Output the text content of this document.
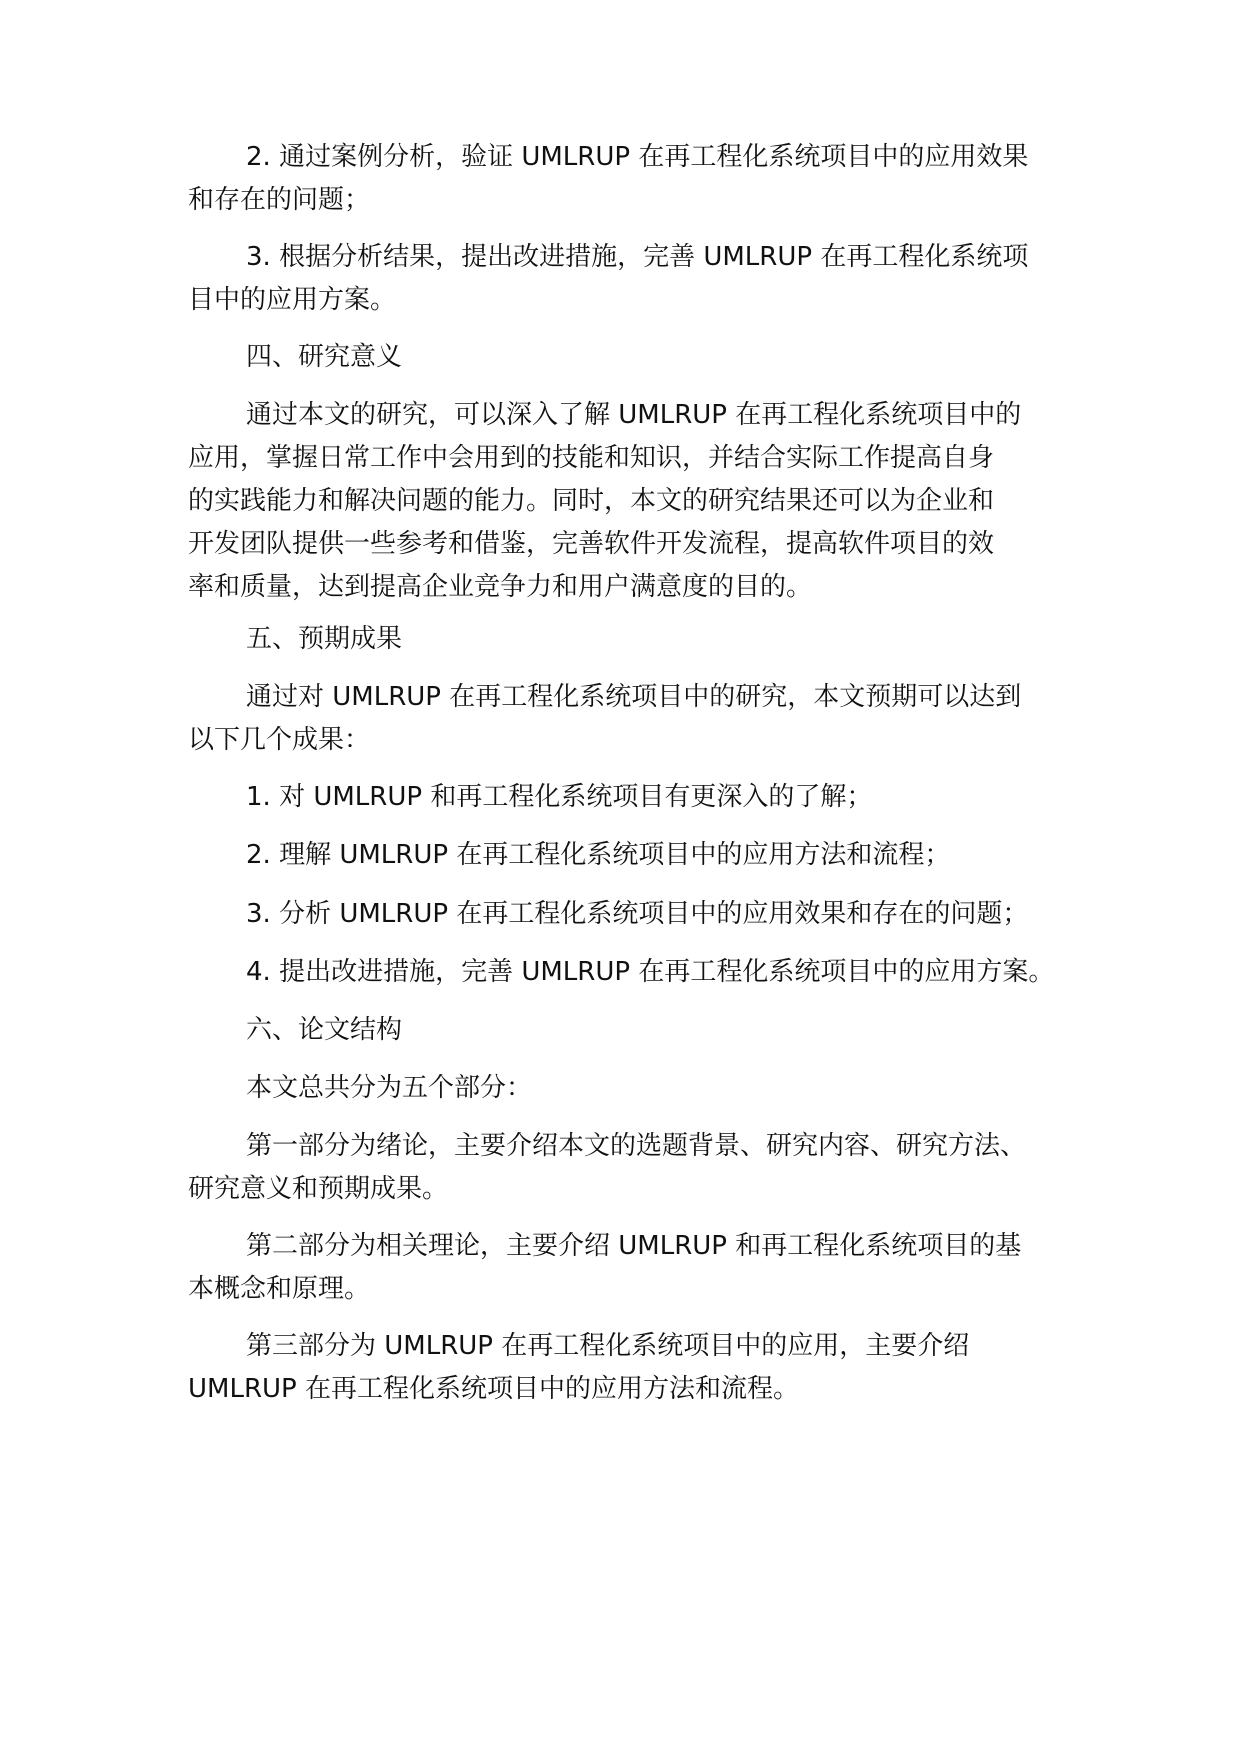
2. 通过案例分析，验证 UMLRUP 在再工程化系统项目中的应用效果
和存在的问题；

3. 根据分析结果，提出改进措施，完善 UMLRUP 在再工程化系统项
目中的应用方案。

四、研究意义

通过本文的研究，可以深入了解 UMLRUP 在再工程化系统项目中的
应用，掌握日常工作中会用到的技能和知识，并结合实际工作提高自身
的实践能力和解决问题的能力。同时，本文的研究结果还可以为企业和
开发团队提供一些参考和借鉴，完善软件开发流程，提高软件项目的效
率和质量，达到提高企业竞争力和用户满意度的目的。

五、预期成果

通过对 UMLRUP 在再工程化系统项目中的研究，本文预期可以达到
以下几个成果：

1. 对 UMLRUP 和再工程化系统项目有更深入的了解；

2. 理解 UMLRUP 在再工程化系统项目中的应用方法和流程；

3. 分析 UMLRUP 在再工程化系统项目中的应用效果和存在的问题；

4. 提出改进措施，完善 UMLRUP 在再工程化系统项目中的应用方案。

六、论文结构

本文总共分为五个部分：

第一部分为绪论，主要介绍本文的选题背景、研究内容、研究方法、
研究意义和预期成果。

第二部分为相关理论，主要介绍 UMLRUP 和再工程化系统项目的基
本概念和原理。

第三部分为 UMLRUP 在再工程化系统项目中的应用，主要介绍
UMLRUP 在再工程化系统项目中的应用方法和流程。
